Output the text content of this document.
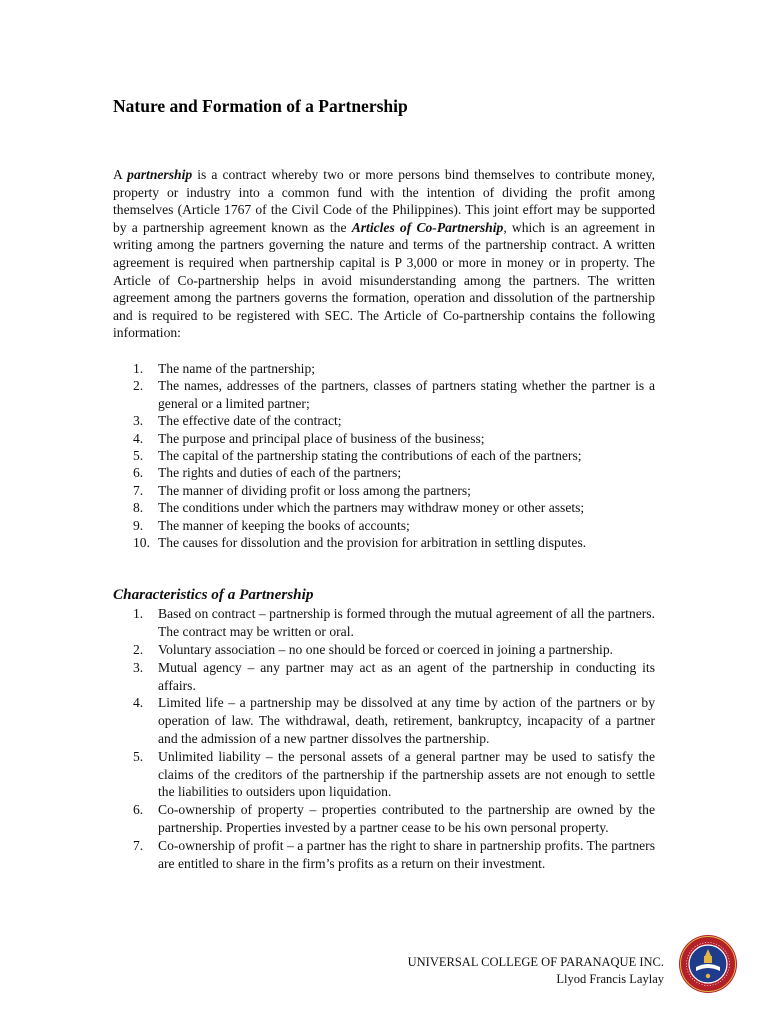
Nature and Formation of a Partnership

A partnership is a contract whereby two or more persons bind themselves to contribute money, property or industry into a common fund with the intention of dividing the profit among themselves (Article 1767 of the Civil Code of the Philippines). This joint effort may be supported by a partnership agreement known as the Articles of Co-Partnership, which is an agreement in writing among the partners governing the nature and terms of the partnership contract. A written agreement is required when partnership capital is P 3,000 or more in money or in property. The Article of Co-partnership helps in avoid misunderstanding among the partners. The written agreement among the partners governs the formation, operation and dissolution of the partnership and is required to be registered with SEC. The Article of Co-partnership contains the following information:

1. The name of the partnership;
2. The names, addresses of the partners, classes of partners stating whether the partner is a general or a limited partner;
3. The effective date of the contract;
4. The purpose and principal place of business of the business;
5. The capital of the partnership stating the contributions of each of the partners;
6. The rights and duties of each of the partners;
7. The manner of dividing profit or loss among the partners;
8. The conditions under which the partners may withdraw money or other assets;
9. The manner of keeping the books of accounts;
10. The causes for dissolution and the provision for arbitration in settling disputes.
Characteristics of a Partnership
1. Based on contract – partnership is formed through the mutual agreement of all the partners. The contract may be written or oral.
2. Voluntary association – no one should be forced or coerced in joining a partnership.
3. Mutual agency – any partner may act as an agent of the partnership in conducting its affairs.
4. Limited life – a partnership may be dissolved at any time by action of the partners or by operation of law. The withdrawal, death, retirement, bankruptcy, incapacity of a partner and the admission of a new partner dissolves the partnership.
5. Unlimited liability – the personal assets of a general partner may be used to satisfy the claims of the creditors of the partnership if the partnership assets are not enough to settle the liabilities to outsiders upon liquidation.
6. Co-ownership of property – properties contributed to the partnership are owned by the partnership. Properties invested by a partner cease to be his own personal property.
7. Co-ownership of profit – a partner has the right to share in partnership profits. The partners are entitled to share in the firm’s profits as a return on their investment.
UNIVERSAL COLLEGE OF PARANAQUE INC.
Llyod Francis Laylay
